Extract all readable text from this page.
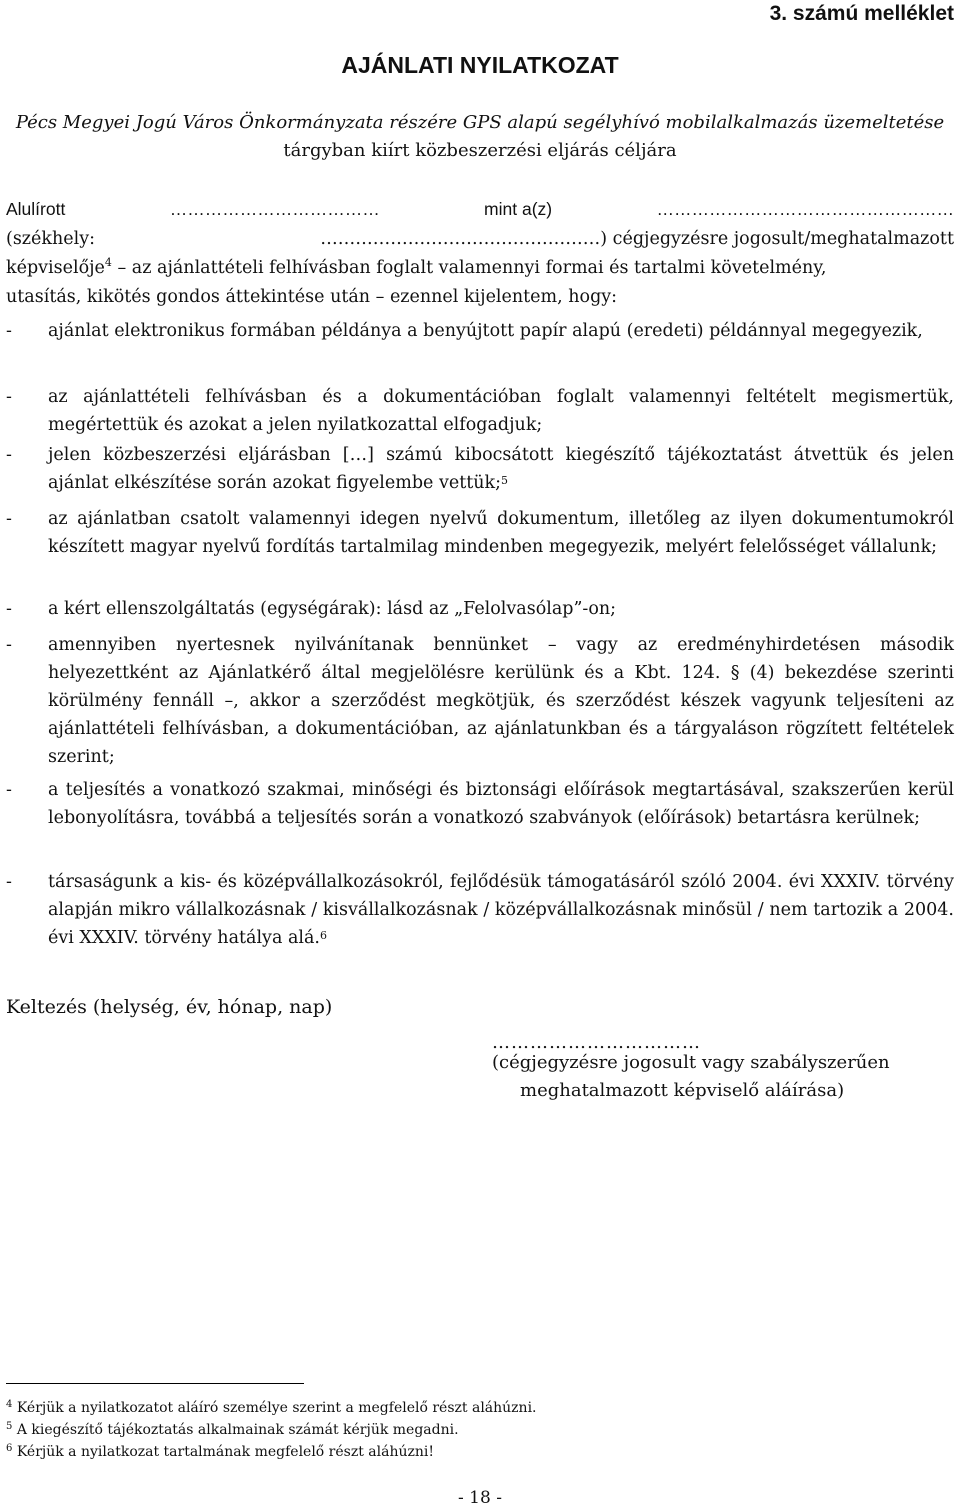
3. számú melléklet
AJÁNLATI NYILATKOZAT
Pécs Megyei Jogú Város Önkormányzata részére GPS alapú segélyhívó mobilalkalmazás üzemeltetése
tárgyban kiírt közbeszerzési eljárás céljára
Alulírott	………………………………	mint a(z)	……………………………………………
(székhely:	…………………………………………) cégjegyzésre jogosult/meghatalmazott
képviselője$^4$ – az ajánlattételi felhívásban foglalt valamennyi formai és tartalmi követelmény,
utasítás, kikötés gondos áttekintése után – ezennel kijelentem, hogy:
- ajánlat elektronikus formában példánya a benyújtott papír alapú (eredeti) példánnyal megegyezik,
- az ajánlattételi felhívásban és a dokumentációban foglalt valamennyi feltételt megismertük, megértettük és azokat a jelen nyilatkozattal elfogadjuk;
- jelen közbeszerzési eljárásban […] számú kibocsátott kiegészítő tájékoztatást átvettük és jelen ajánlat elkészítése során azokat figyelembe vettük;$^5$
- az ajánlatban csatolt valamennyi idegen nyelvű dokumentum, illetőleg az ilyen dokumentumokról készített magyar nyelvű fordítás tartalmilag mindenben megegyezik, melyért felelősséget vállalunk;
- a kért ellenszolgáltatás (egységárak): lásd az „Felolvasólap”-on;
- amennyiben nyertesnek nyilvánítanak bennünket – vagy az eredményhirdetésen második helyezettként az Ajánlatkérő által megjelölésre kerülünk és a Kbt. 124. § (4) bekezdése szerinti körülmény fennáll –, akkor a szerződést megkötjük, és szerződést készek vagyunk teljesíteni az ajánlattételi felhívásban, a dokumentációban, az ajánlatunkban és a tárgyaláson rögzített feltételek szerint;
- a teljesítés a vonatkozó szakmai, minőségi és biztonsági előírások megtartásával, szakszerűen kerül lebonyolításra, továbbá a teljesítés során a vonatkozó szabványok (előírások) betartásra kerülnek;
- társaságunk a kis- és középvállalkozásokról, fejlődésük támogatásáról szóló 2004. évi XXXIV. törvény alapján mikro vállalkozásnak / kisvállalkozásnak / középvállalkozásnak minősül / nem tartozik a 2004. évi XXXIV. törvény hatálya alá.$^6$
Keltezés (helység, év, hónap, nap)
……………………………
(cégjegyzésre jogosult vagy szabályszerűen
meghatalmazott képviselő aláírása)
$^4$ Kérjük a nyilatkozatot aláíró személye szerint a megfelelő részt aláhúzni.
$^5$ A kiegészítő tájékoztatás alkalmainak számát kérjük megadni.
$^6$ Kérjük a nyilatkozat tartalmának megfelelő részt aláhúzni!
- 18 -
